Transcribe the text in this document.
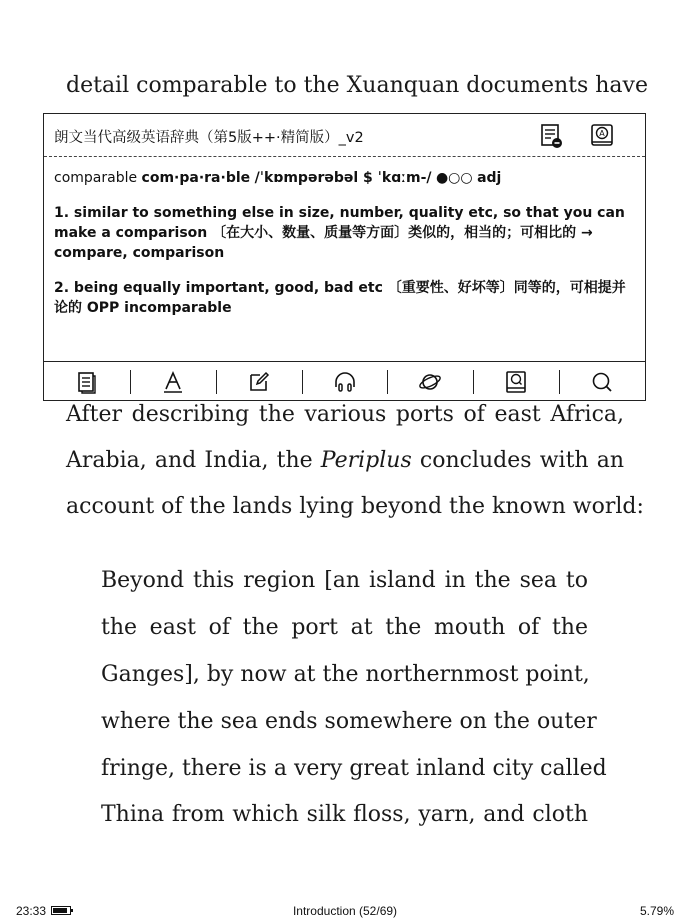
detail comparable to the Xuanquan documents have
After describing the various ports of east Africa,
Arabia, and India, the Periplus concludes with an
account of the lands lying beyond the known world:
Beyond this region [an island in the sea to
the east of the port at the mouth of the
Ganges], by now at the northernmost point,
where the sea ends somewhere on the outer
fringe, there is a very great inland city called
Thina from which silk floss, yarn, and cloth
朗文当代高级英语辞典（第5版++·精简版）_v2	A
comparable com·pa·ra·ble /ˈkɒmpərəbəl $ ˈkɑːm-/ ●○○ adj
1. similar to something else in size, number, quality etc, so that you can make a comparison 〔在大小、数量、质量等方面〕类似的，相当的；可相比的 → compare, comparison
2. being equally important, good, bad etc 〔重要性、好坏等〕同等的，可相提并论的 OPP incomparable
23:33	Introduction (52/69)	5.79%
